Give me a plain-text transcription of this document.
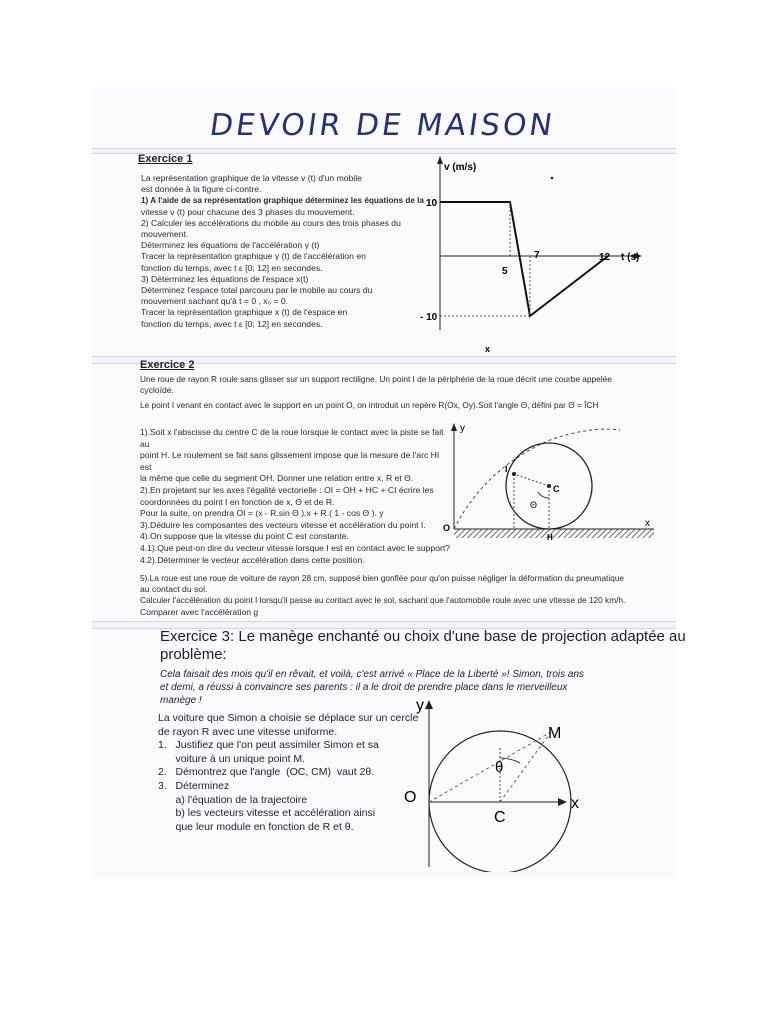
DEVOIR DE MAISON
Exercice 1

La représentation graphique de la vitesse v (t) d'un mobile

est donnée à la figure ci-contre.

1) A l'aide de sa représentation graphique déterminez les équations de la

vitesse v (t) pour chacune des 3 phases du mouvement.

2) Calculer les accélérations du mobile au cours des trois phases du

mouvement.

Déterminez les équations de l'accélération γ (t)

Tracer la représentation graphique γ (t) de l'accélération en

fonction du temps, avec t ε [0; 12] en secondes.

3) Déterminez les équations de l'espace x(t)

Déterminez l'espace total parcouru par le mobile au cours du

mouvement sachant qu'à t = 0 , x₀ = 0.

Tracer la représentation graphique x (t) de l'espace en

fonction du temps, avec t ε [0; 12] en secondes.

v (m/s)
10
- 10
5
7	12 t (s)
x
Exercice 2

Une roue de rayon R roule sans glisser sur un support rectiligne. Un point I de la périphérie de la roue décrit une courbe appelée

cycloïde.

Le point I venant en contact avec le support en un point O, on introduit un repère R(Ox, Oy).Soit l'angle Θ, défini par Θ = ÎCH

1).Soit x l'abscisse du centre C de la roue lorsque le contact avec la piste se fait au

point H. Le roulement se fait sans glissement impose que la mesure de l'arc HI est

la même que celle du segment OH. Donner une relation entre x, R et Θ.

2).En projetant sur les axes l'égalité vectorielle : OI = OH + HC + CI écrire les

coordonnées du point I en fonction de x, Θ et de R.

Pour la suite, on prendra OI = (x - R.sin Θ ).x + R.( 1 - cos Θ ). y

3).Déduire les composantes des vecteurs vitesse et accélération du point I.

4).On suppose que la vitesse du point C est constante.

4.1).Que peut-on dire du vecteur vitesse lorsque I est en contact avec le support?

4.2).Déterminer le vecteur accélération dans cette position.

5).La roue est une roue de voiture de rayon 28 cm, supposé bien gonflée pour qu'on puisse négliger la déformation du pneumatique

au contact du sol.

Calculer l'accélération du point I lorsqu'il passe au contact avec le sol, sachant que l'automobile roule avec une vitesse de 120 km/h.

Comparer avec l'accélération g

y
x
O
I
C
H
Θ

Exercice 3: Le manège enchanté ou choix d'une base de projection adaptée au

problème:

Cela faisait des mois qu'il en rêvait, et voilà, c'est arrivé « Place de la Liberté »! Simon, trois ans

et demi, a réussi à convaincre ses parents : il a le droit de prendre place dans le merveilleux

manège !

La voiture que Simon a choisie se déplace sur un cercle

de rayon R avec une vitesse uniforme.

1.   Justifiez que l'on peut assimiler Simon et sa

voiture à un unique point M.

2.   Démontrez que l'angle  (OC, CM)  vaut 2θ.

3.   Déterminez

a) l'équation de la trajectoire

b) les vecteurs vitesse et accélération ainsi

que leur module en fonction de R et θ.

y
x
O
M
C
θ
